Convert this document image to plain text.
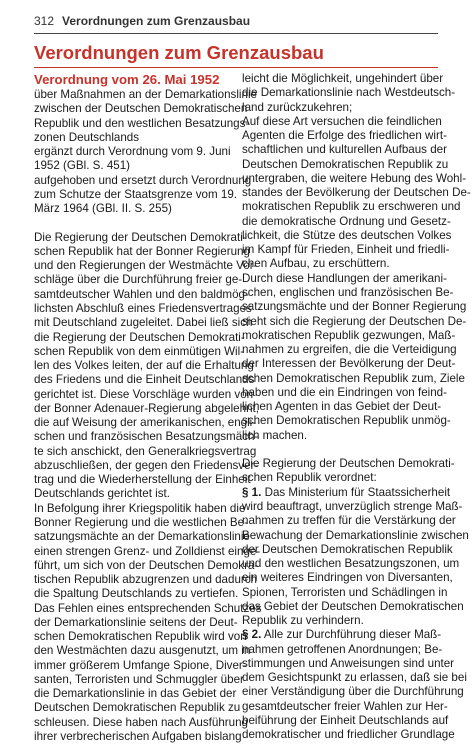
312 Verordnungen zum Grenzausbau
Verordnungen zum Grenzausbau
Verordnung vom 26. Mai 1952
über Maßnahmen an der Demarkationslinie
zwischen der Deutschen Demokratischen
Republik und den westlichen Besatzungs-
zonen Deutschlands
ergänzt durch Verordnung vom 9. Juni
1952 (GBl. S. 451)
aufgehoben und ersetzt durch Verordnung
zum Schutze der Staatsgrenze vom 19.
März 1964 (GBl. II. S. 255)
Die Regierung der Deutschen Demokrati-
schen Republik hat der Bonner Regierung
und den Regierungen der Westmächte Vor-
schläge über die Durchführung freier ge-
samtdeutscher Wahlen und den baldmög-
lichsten Abschluß eines Friedensvertrages
mit Deutschland zugeleitet. Dabei ließ sich
die Regierung der Deutschen Demokrati-
schen Republik von dem einmütigen Wil-
len des Volkes leiten, der auf die Erhaltung
des Friedens und die Einheit Deutschlands
gerichtet ist. Diese Vorschläge wurden von
der Bonner Adenauer-Regierung abgelehnt,
die auf Weisung der amerikanischen, engli-
schen und französischen Besatzungsmäch-
te sich anschickt, den Generalkriegsvertrag
abzuschließen, der gegen den Friedensver-
trag und die Wiederherstellung der Einheit
Deutschlands gerichtet ist.
In Befolgung ihrer Kriegspolitik haben die
Bonner Regierung und die westlichen Be-
satzungsmächte an der Demarkationslinie
einen strengen Grenz- und Zolldienst einge-
führt, um sich von der Deutschen Demokra-
tischen Republik abzugrenzen und dadurch
die Spaltung Deutschlands zu vertiefen.
Das Fehlen eines entsprechenden Schutzes
der Demarkationslinie seitens der Deut-
schen Demokratischen Republik wird von
den Westmächten dazu ausgenutzt, um in
immer größerem Umfange Spione, Diver-
santen, Terroristen und Schmuggler über
die Demarkationslinie in das Gebiet der
Deutschen Demokratischen Republik zu
schleusen. Diese haben nach Ausführung
ihrer verbrecherischen Aufgaben bislang
leicht die Möglichkeit, ungehindert über
die Demarkationslinie nach Westdeutsch-
land zurückzukehren;
Auf diese Art versuchen die feindlichen
Agenten die Erfolge des friedlichen wirt-
schaftlichen und kulturellen Aufbaus der
Deutschen Demokratischen Republik zu
untergraben, die weitere Hebung des Wohl-
standes der Bevölkerung der Deutschen De-
mokratischen Republik zu erschweren und
die demokratische Ordnung und Gesetz-
lichkeit, die Stütze des deutschen Volkes
im Kampf für Frieden, Einheit und friedli-
chen Aufbau, zu erschüttern.
Durch diese Handlungen der amerikani-
schen, englischen und französischen Be-
satzungsmächte und der Bonner Regierung
sieht sich die Regierung der Deutschen De-
mokratischen Republik gezwungen, Maß-
nahmen zu ergreifen, die die Verteidigung
der Interessen der Bevölkerung der Deut-
schen Demokratischen Republik zum, Ziele
haben und die ein Eindringen von feind-
lichen Agenten in das Gebiet der Deut-
schen Demokratischen Republik unmög-
lich machen.
Die Regierung der Deutschen Demokrati-
schen Republik verordnet:
§ 1. Das Ministerium für Staatssicherheit
wird beauftragt, unverzüglich strenge Maß-
nahmen zu treffen für die Verstärkung der
Bewachung der Demarkationslinie zwischen
der Deutschen Demokratischen Republik
und den westlichen Besatzungszonen, um
ein weiteres Eindringen von Diversanten,
Spionen, Terroristen und Schädlingen in
das Gebiet der Deutschen Demokratischen
Republik zu verhindern.
§ 2. Alle zur Durchführung dieser Maß-
nahmen getroffenen Anordnungen; Be-
stimmungen und Anweisungen sind unter
dem Gesichtspunkt zu erlassen, daß sie bei
einer Verständigung über die Durchführung
gesamtdeutscher freier Wahlen zur Her-
beiführung der Einheit Deutschlands auf
demokratischer und friedlicher Grundlage
